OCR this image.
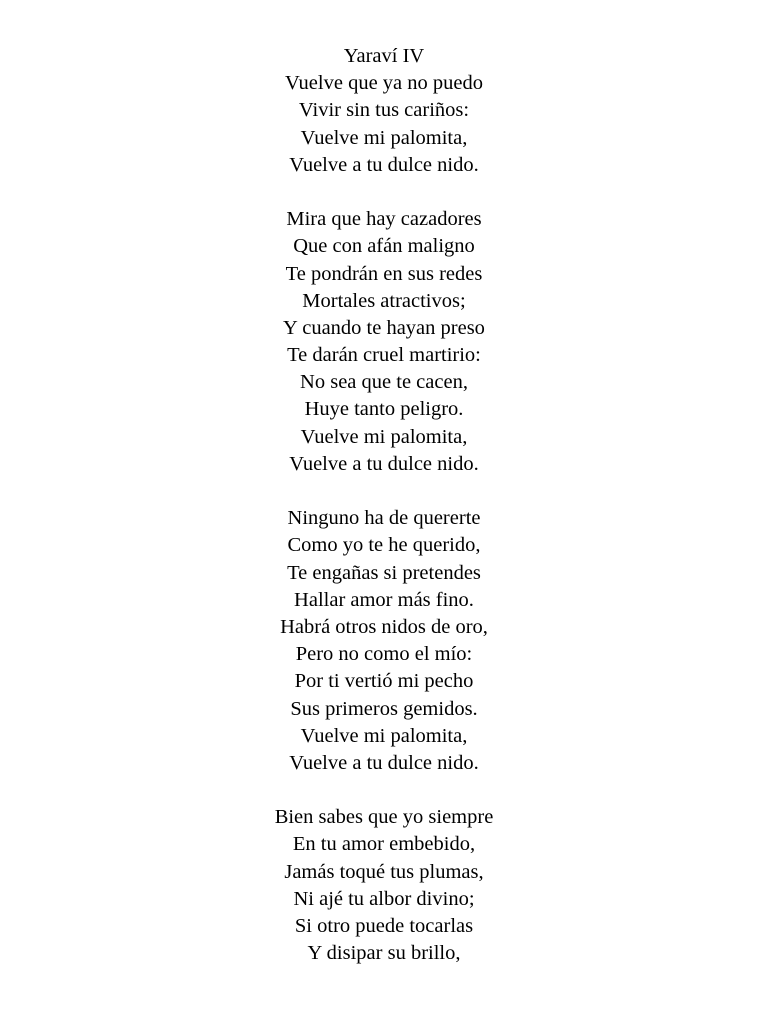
Yaraví IV
Vuelve que ya no puedo
Vivir sin tus cariños:
Vuelve mi palomita,
Vuelve a tu dulce nido.
Mira que hay cazadores
Que con afán maligno
Te pondrán en sus redes
Mortales atractivos;
Y cuando te hayan preso
Te darán cruel martirio:
No sea que te cacen,
Huye tanto peligro.
Vuelve mi palomita,
Vuelve a tu dulce nido.
Ninguno ha de quererte
Como yo te he querido,
Te engañas si pretendes
Hallar amor más fino.
Habrá otros nidos de oro,
Pero no como el mío:
Por ti vertió mi pecho
Sus primeros gemidos.
Vuelve mi palomita,
Vuelve a tu dulce nido.
Bien sabes que yo siempre
En tu amor embebido,
Jamás toqué tus plumas,
Ni ajé tu albor divino;
Si otro puede tocarlas
Y disipar su brillo,
